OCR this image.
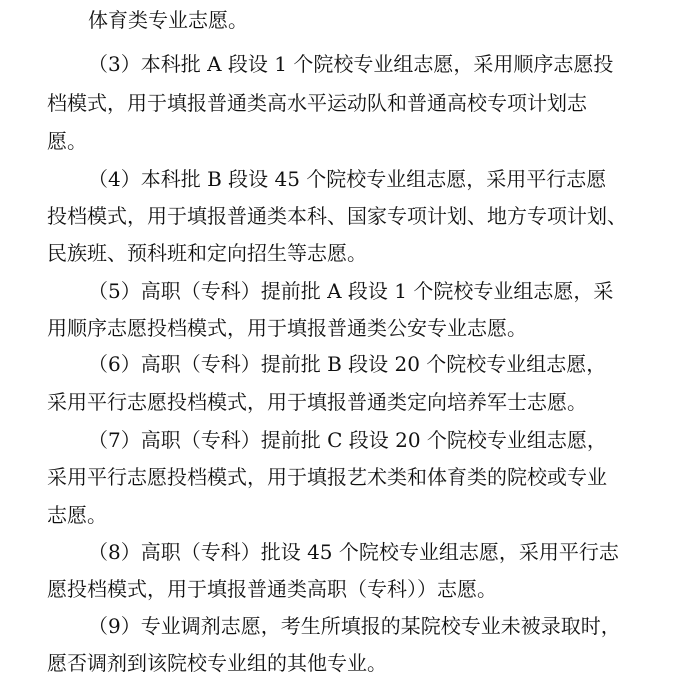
体育类专业志愿。
（3）本科批 A 段设 1 个院校专业组志愿，采用顺序志愿投
档模式，用于填报普通类高水平运动队和普通高校专项计划志
愿。
（4）本科批 B 段设 45 个院校专业组志愿，采用平行志愿
投档模式，用于填报普通类本科、国家专项计划、地方专项计划、
民族班、预科班和定向招生等志愿。
（5）高职（专科）提前批 A 段设 1 个院校专业组志愿，采
用顺序志愿投档模式，用于填报普通类公安专业志愿。
（6）高职（专科）提前批 B 段设 20 个院校专业组志愿，
采用平行志愿投档模式，用于填报普通类定向培养军士志愿。
（7）高职（专科）提前批 C 段设 20 个院校专业组志愿，
采用平行志愿投档模式，用于填报艺术类和体育类的院校或专业
志愿。
（8）高职（专科）批设 45 个院校专业组志愿，采用平行志
愿投档模式，用于填报普通类高职（专科））志愿。
（9）专业调剂志愿，考生所填报的某院校专业未被录取时，
愿否调剂到该院校专业组的其他专业。
